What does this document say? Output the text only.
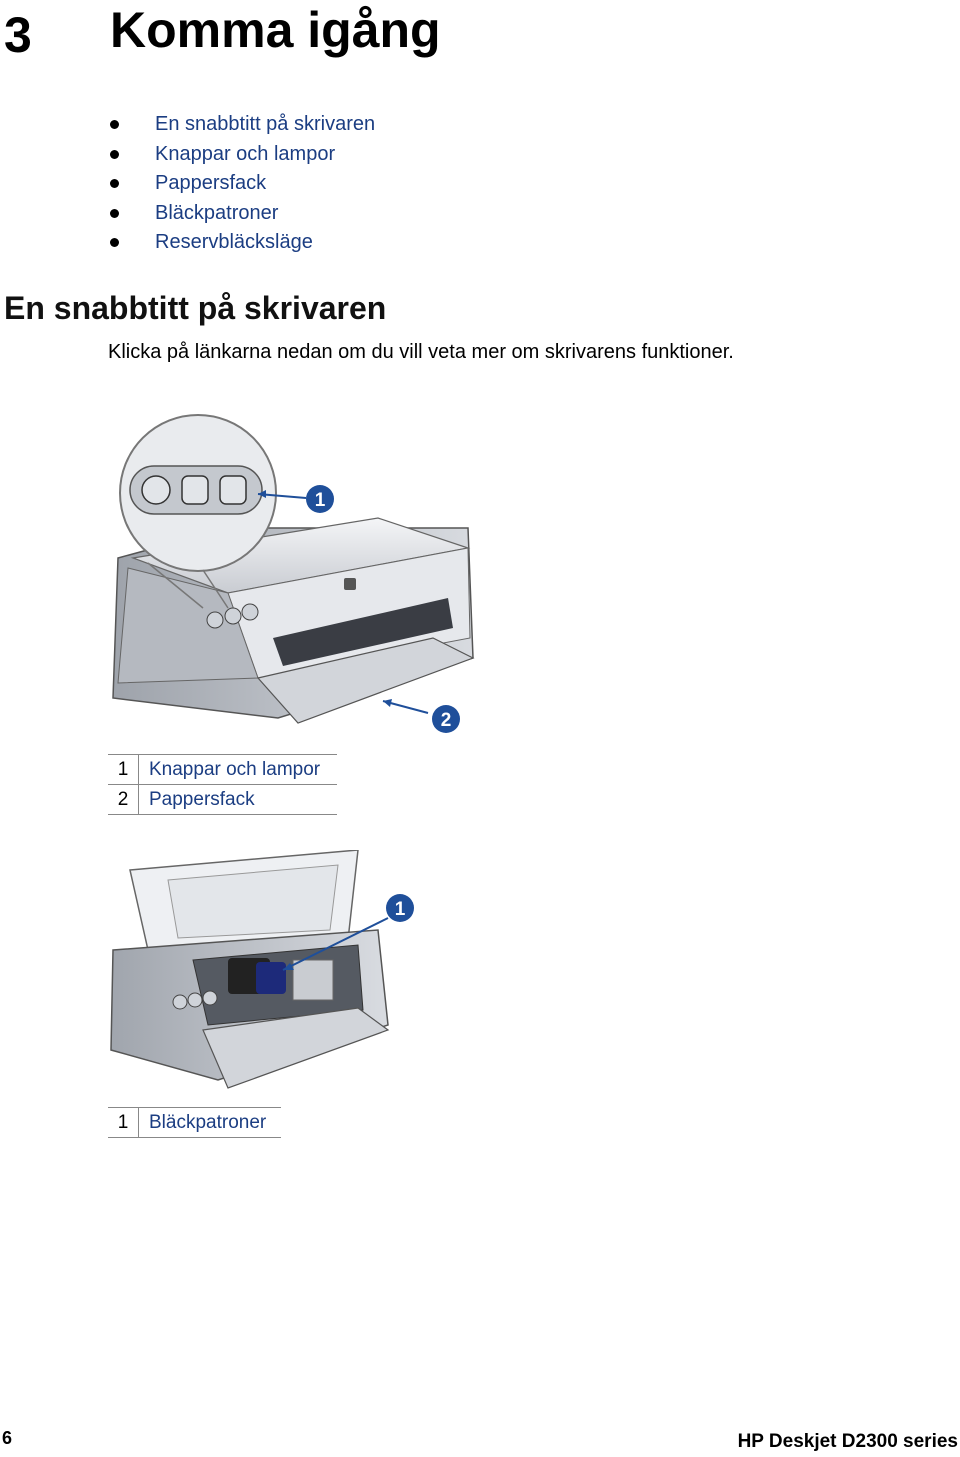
3 Komma igång
En snabbtitt på skrivaren
Knappar och lampor
Pappersfack
Bläckpatroner
Reservbläcksläge
En snabbtitt på skrivaren
Klicka på länkarna nedan om du vill veta mer om skrivarens funktioner.
1
2
1	Knappar och lampor
2	Pappersfack
1
1	Bläckpatroner
6	HP Deskjet D2300 series
